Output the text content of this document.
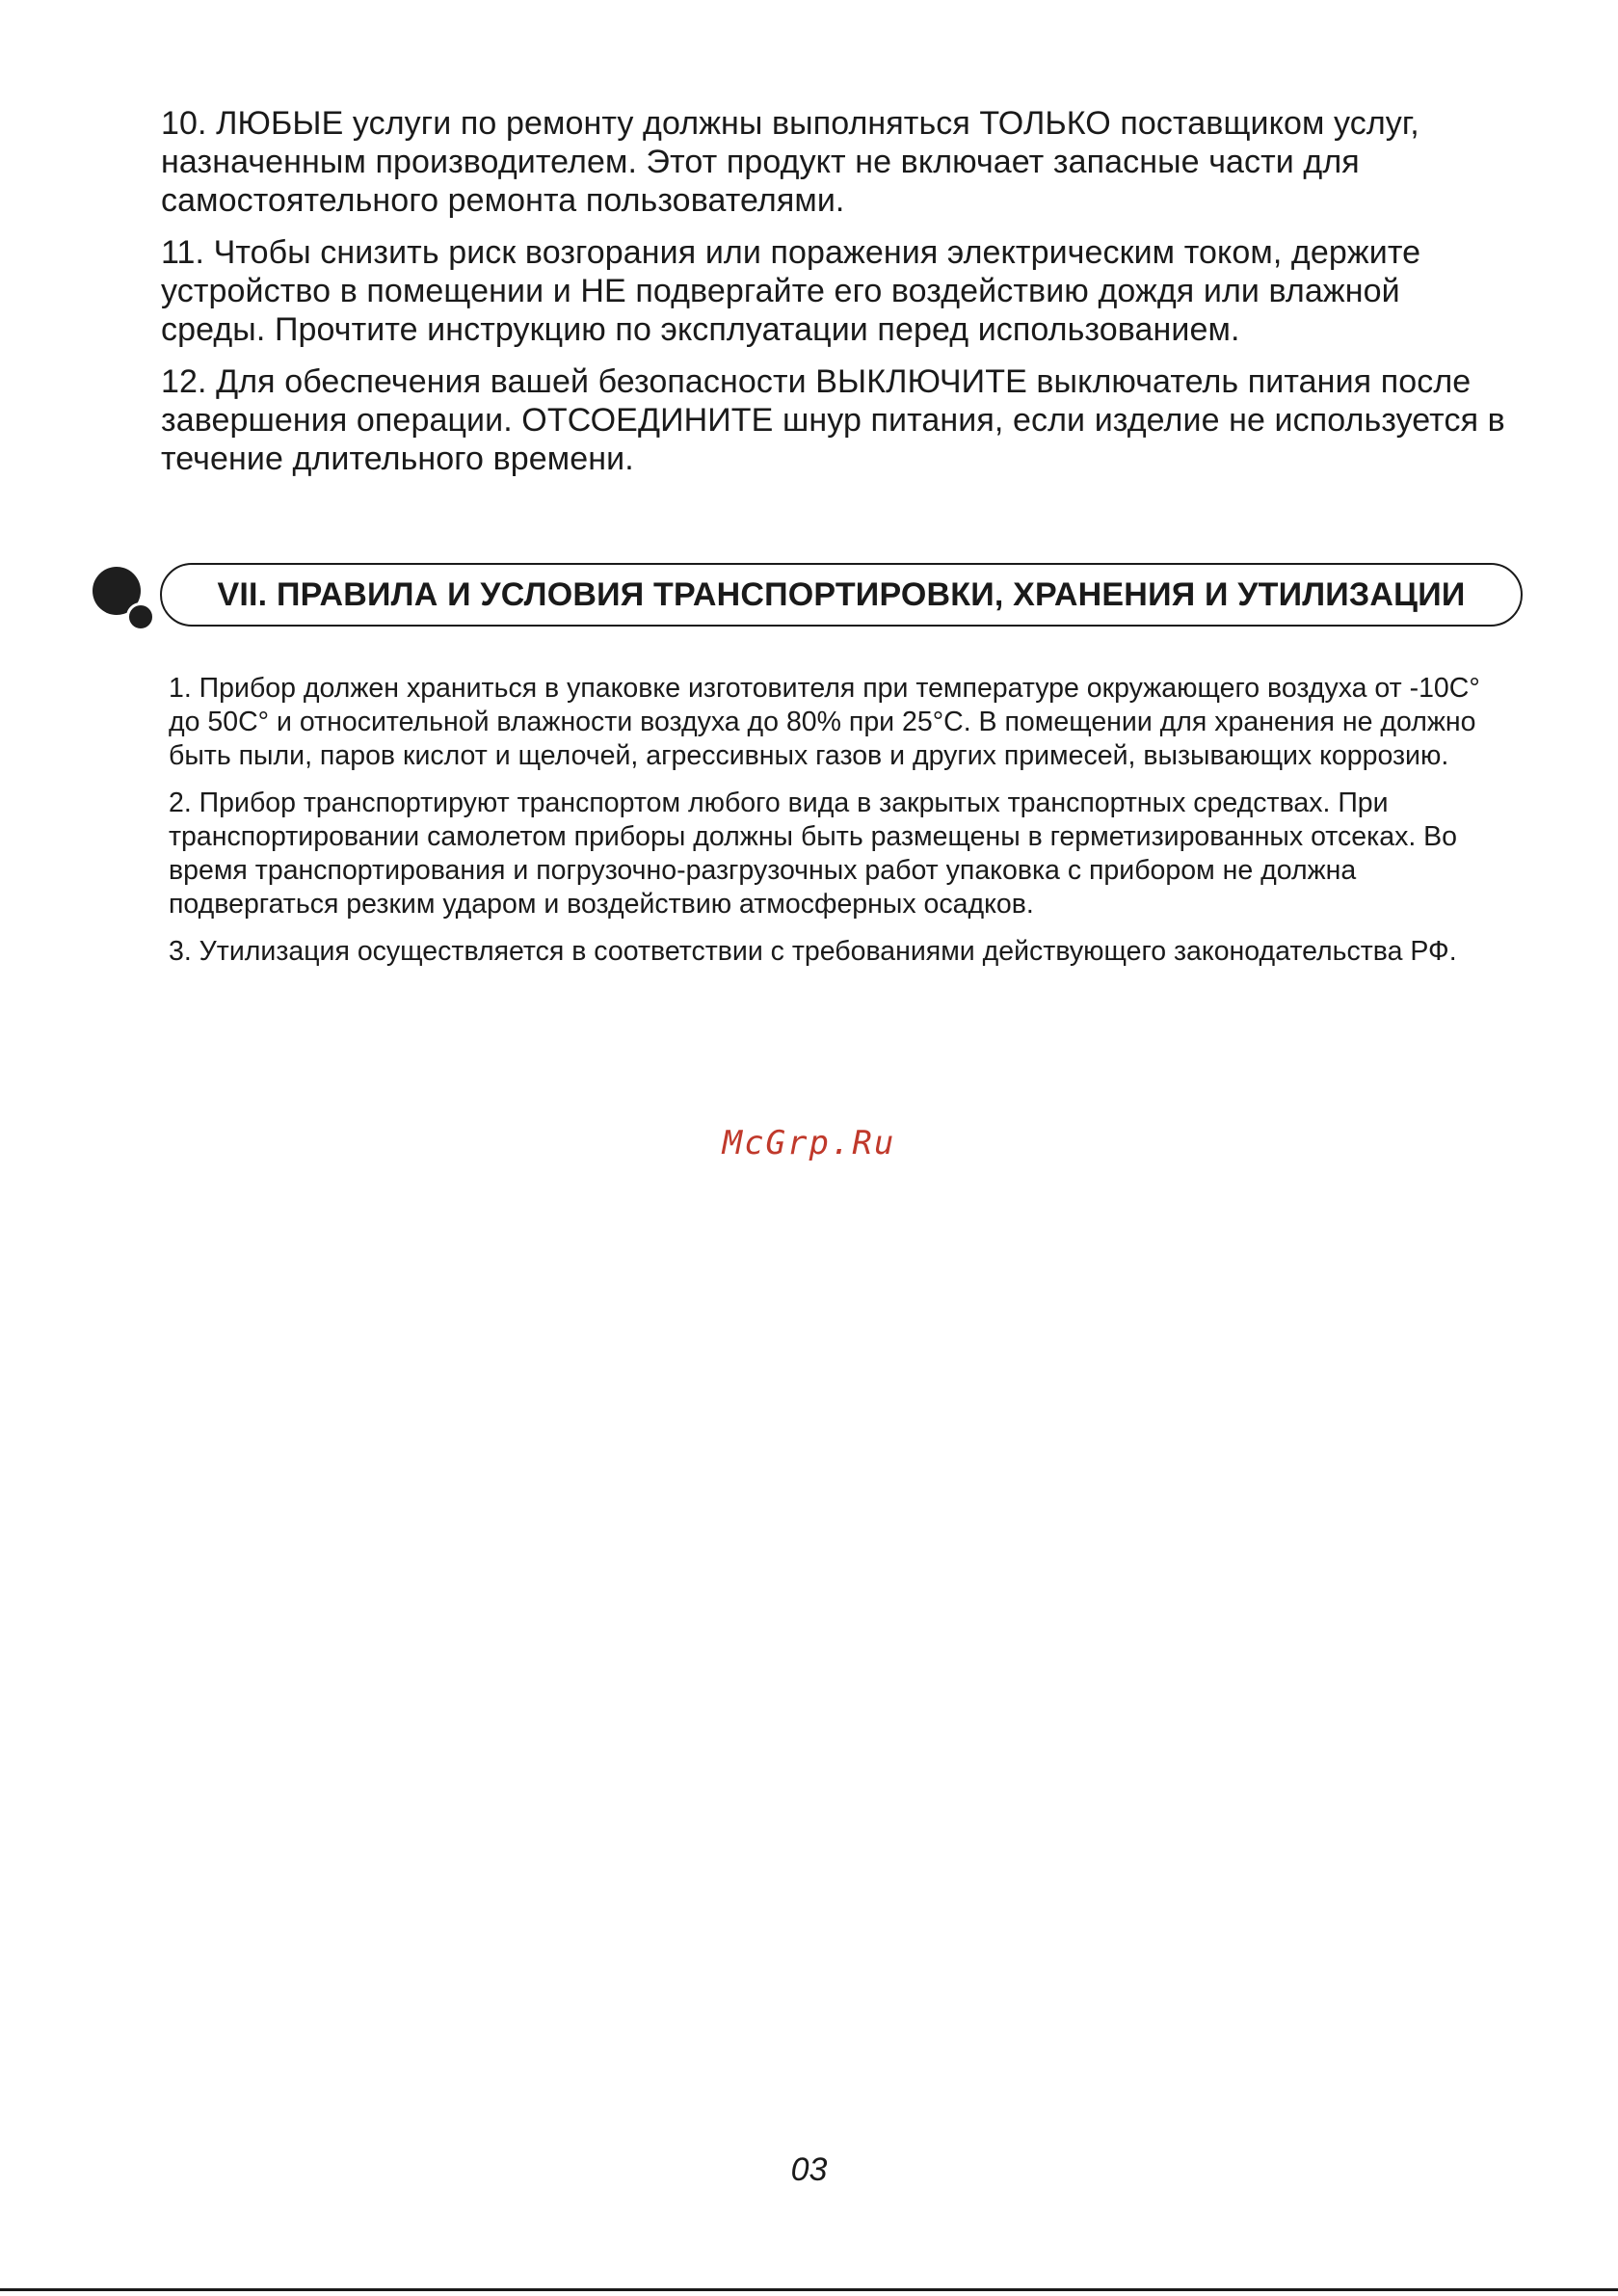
10. ЛЮБЫЕ услуги по ремонту должны выполняться ТОЛЬКО поставщиком услуг, назначенным производителем. Этот продукт не включает запасные части для самостоятельного ремонта пользователями.

11. Чтобы снизить риск возгорания или поражения электрическим током, держите устройство в помещении и НЕ подвергайте его воздействию дождя или влажной среды. Прочтите инструкцию по эксплуатации перед использованием.

12. Для обеспечения вашей безопасности ВЫКЛЮЧИТЕ выключатель питания после завершения операции. ОТСОЕДИНИТЕ шнур питания, если изделие не используется в течение длительного времени.

VII. ПРАВИЛА И УСЛОВИЯ ТРАНСПОРТИРОВКИ, ХРАНЕНИЯ И УТИЛИЗАЦИИ

1. Прибор должен храниться в упаковке изготовителя при температуре окружающего воздуха от -10С° до 50С° и относительной влажности воздуха до 80% при 25°С. В помещении для хранения не должно быть пыли, паров кислот и щелочей, агрессивных газов и других примесей, вызывающих коррозию.

2. Прибор транспортируют транспортом любого вида в закрытых транспортных средствах. При транспортировании самолетом приборы должны быть размещены в герметизированных отсеках. Во время транспортирования и погрузочно-разгрузочных работ упаковка с прибором не должна подвергаться резким ударом и воздействию атмосферных осадков.

3. Утилизация осуществляется в соответствии с требованиями действующего законодательства РФ.

McGrp.Ru
03
